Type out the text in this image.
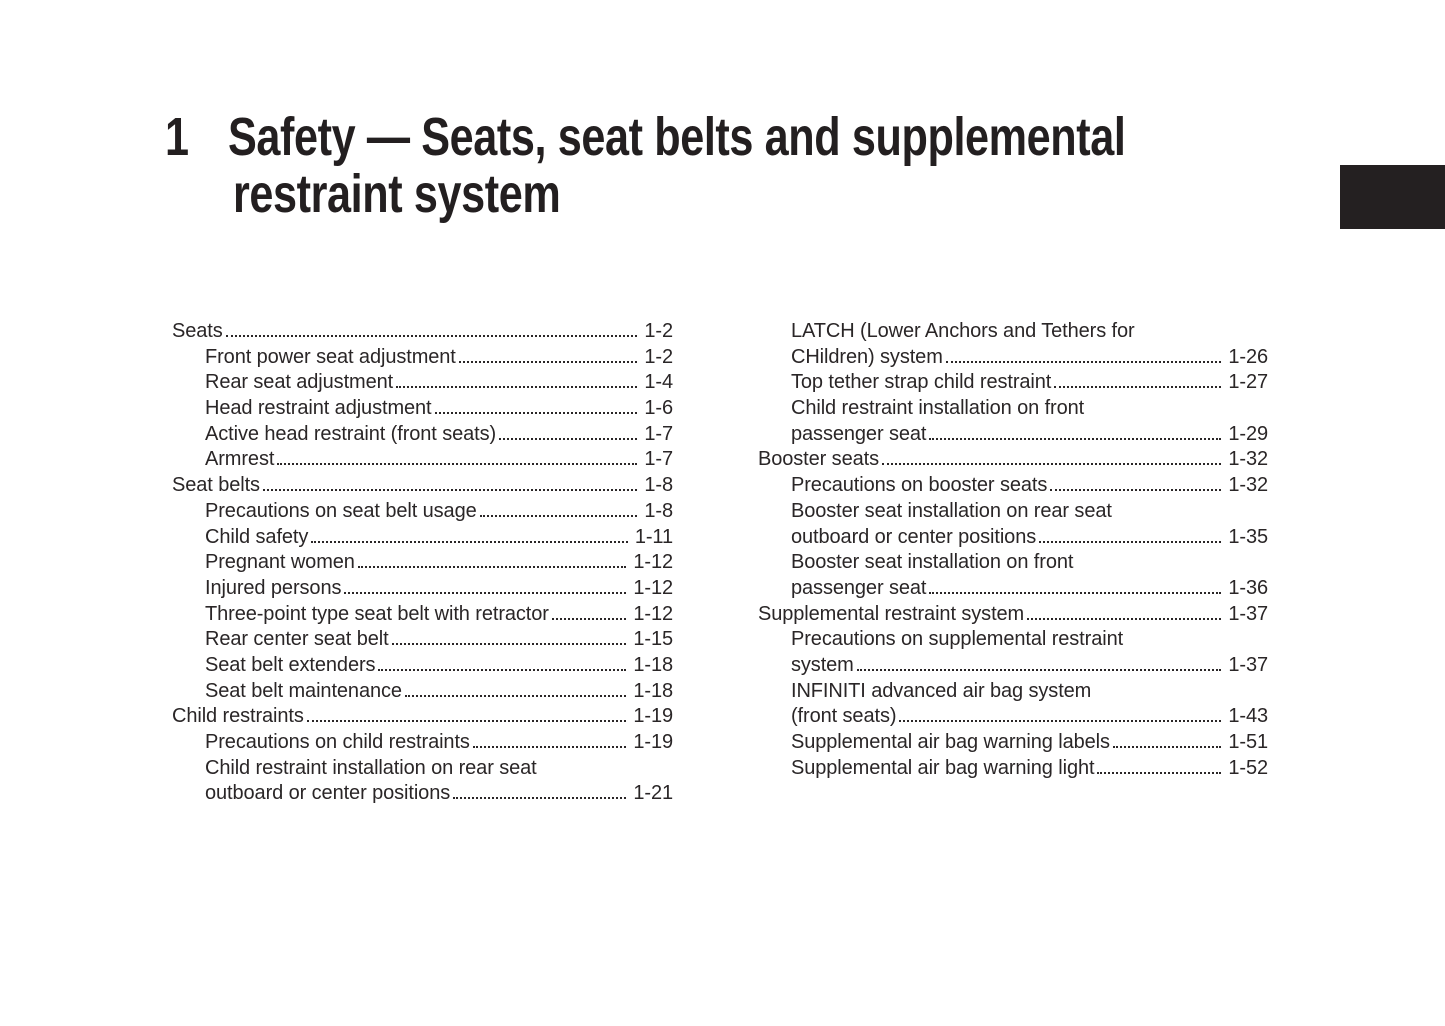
1 Safety — Seats, seat belts and supplemental
restraint system
Seats	1-2
Front power seat adjustment	1-2
Rear seat adjustment	1-4
Head restraint adjustment	1-6
Active head restraint (front seats)	1-7
Armrest	1-7
Seat belts	1-8
Precautions on seat belt usage	1-8
Child safety	1-11
Pregnant women	1-12
Injured persons	1-12
Three-point type seat belt with retractor	1-12
Rear center seat belt	1-15
Seat belt extenders	1-18
Seat belt maintenance	1-18
Child restraints	1-19
Precautions on child restraints	1-19
Child restraint installation on rear seat
outboard or center positions	1-21
LATCH (Lower Anchors and Tethers for
CHildren) system	1-26
Top tether strap child restraint	1-27
Child restraint installation on front
passenger seat	1-29
Booster seats	1-32
Precautions on booster seats	1-32
Booster seat installation on rear seat
outboard or center positions	1-35
Booster seat installation on front
passenger seat	1-36
Supplemental restraint system	1-37
Precautions on supplemental restraint
system	1-37
INFINITI advanced air bag system
(front seats)	1-43
Supplemental air bag warning labels	1-51
Supplemental air bag warning light	1-52
